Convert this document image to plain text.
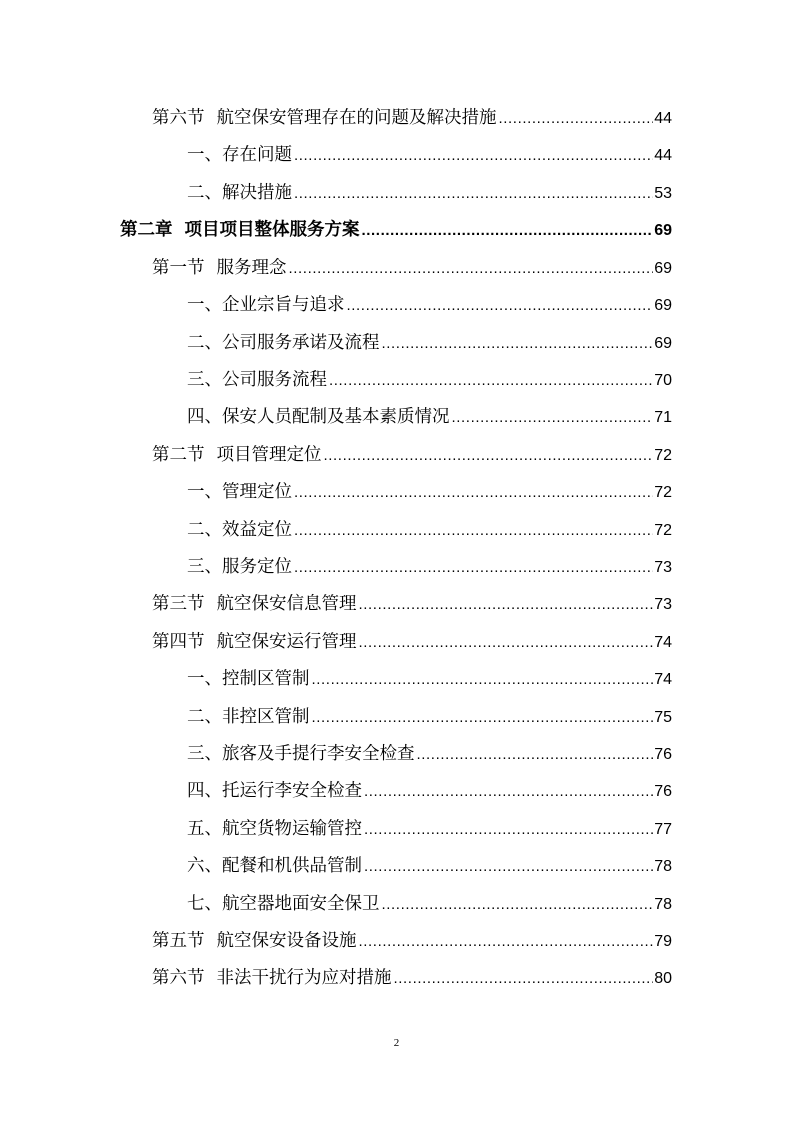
第六节 航空保安管理存在的问题及解决措施 .....	44
一、存在问题 .....	44
二、解决措施 .....	53
第二章 项目项目整体服务方案 .....	69
第一节 服务理念 .....	69
一、企业宗旨与追求 .....	69
二、公司服务承诺及流程 .....	69
三、公司服务流程 .....	70
四、保安人员配制及基本素质情况 .....	71
第二节 项目管理定位 .....	72
一、管理定位 .....	72
二、效益定位 .....	72
三、服务定位 .....	73
第三节 航空保安信息管理 .....	73
第四节 航空保安运行管理 .....	74
一、控制区管制 .....	74
二、非控区管制 .....	75
三、旅客及手提行李安全检查 .....	76
四、托运行李安全检查 .....	76
五、航空货物运输管控 .....	77
六、配餐和机供品管制 .....	78
七、航空器地面安全保卫 .....	78
第五节 航空保安设备设施 .....	79
第六节 非法干扰行为应对措施 .....	80
2
